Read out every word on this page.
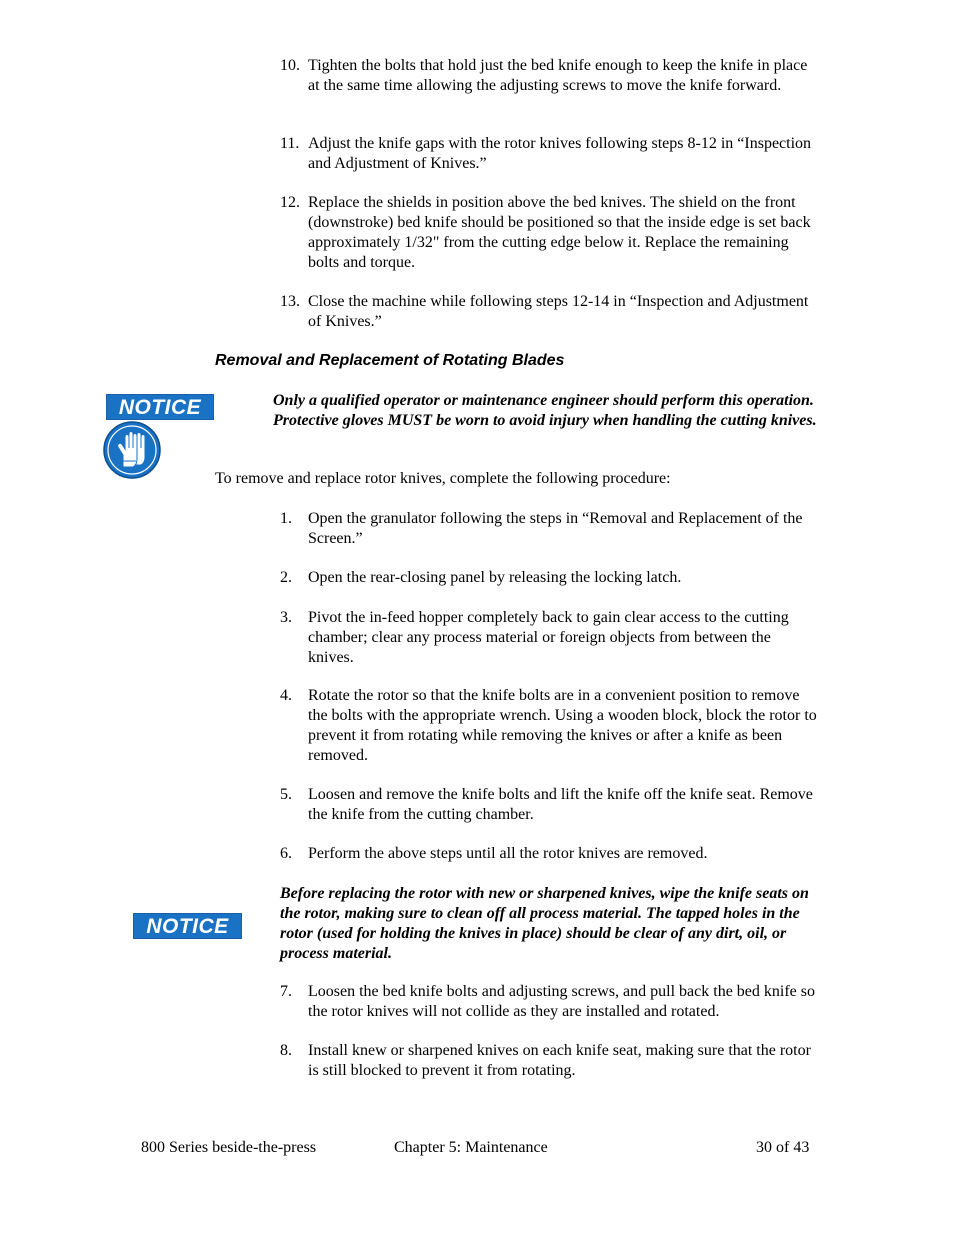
10. Tighten the bolts that hold just the bed knife enough to keep the knife in place at the same time allowing the adjusting screws to move the knife forward.
11. Adjust the knife gaps with the rotor knives following steps 8-12 in “Inspection and Adjustment of Knives.”
12. Replace the shields in position above the bed knives. The shield on the front (downstroke) bed knife should be positioned so that the inside edge is set back approximately 1/32" from the cutting edge below it. Replace the remaining bolts and torque.
13. Close the machine while following steps 12-14 in “Inspection and Adjustment of Knives.”
Removal and Replacement of Rotating Blades
NOTICE	Only a qualified operator or maintenance engineer should perform this operation. Protective gloves MUST be worn to avoid injury when handling the cutting knives.
To remove and replace rotor knives, complete the following procedure:
1. Open the granulator following the steps in “Removal and Replacement of the Screen.”
2. Open the rear-closing panel by releasing the locking latch.
3. Pivot the in-feed hopper completely back to gain clear access to the cutting chamber; clear any process material or foreign objects from between the knives.
4. Rotate the rotor so that the knife bolts are in a convenient position to remove the bolts with the appropriate wrench. Using a wooden block, block the rotor to prevent it from rotating while removing the knives or after a knife as been removed.
5. Loosen and remove the knife bolts and lift the knife off the knife seat. Remove the knife from the cutting chamber.
6. Perform the above steps until all the rotor knives are removed.
NOTICE
Before replacing the rotor with new or sharpened knives, wipe the knife seats on the rotor, making sure to clean off all process material. The tapped holes in the rotor (used for holding the knives in place) should be clear of any dirt, oil, or process material.
7. Loosen the bed knife bolts and adjusting screws, and pull back the bed knife so the rotor knives will not collide as they are installed and rotated.
8. Install knew or sharpened knives on each knife seat, making sure that the rotor is still blocked to prevent it from rotating.
800 Series beside-the-press	Chapter 5: Maintenance	30 of 43
